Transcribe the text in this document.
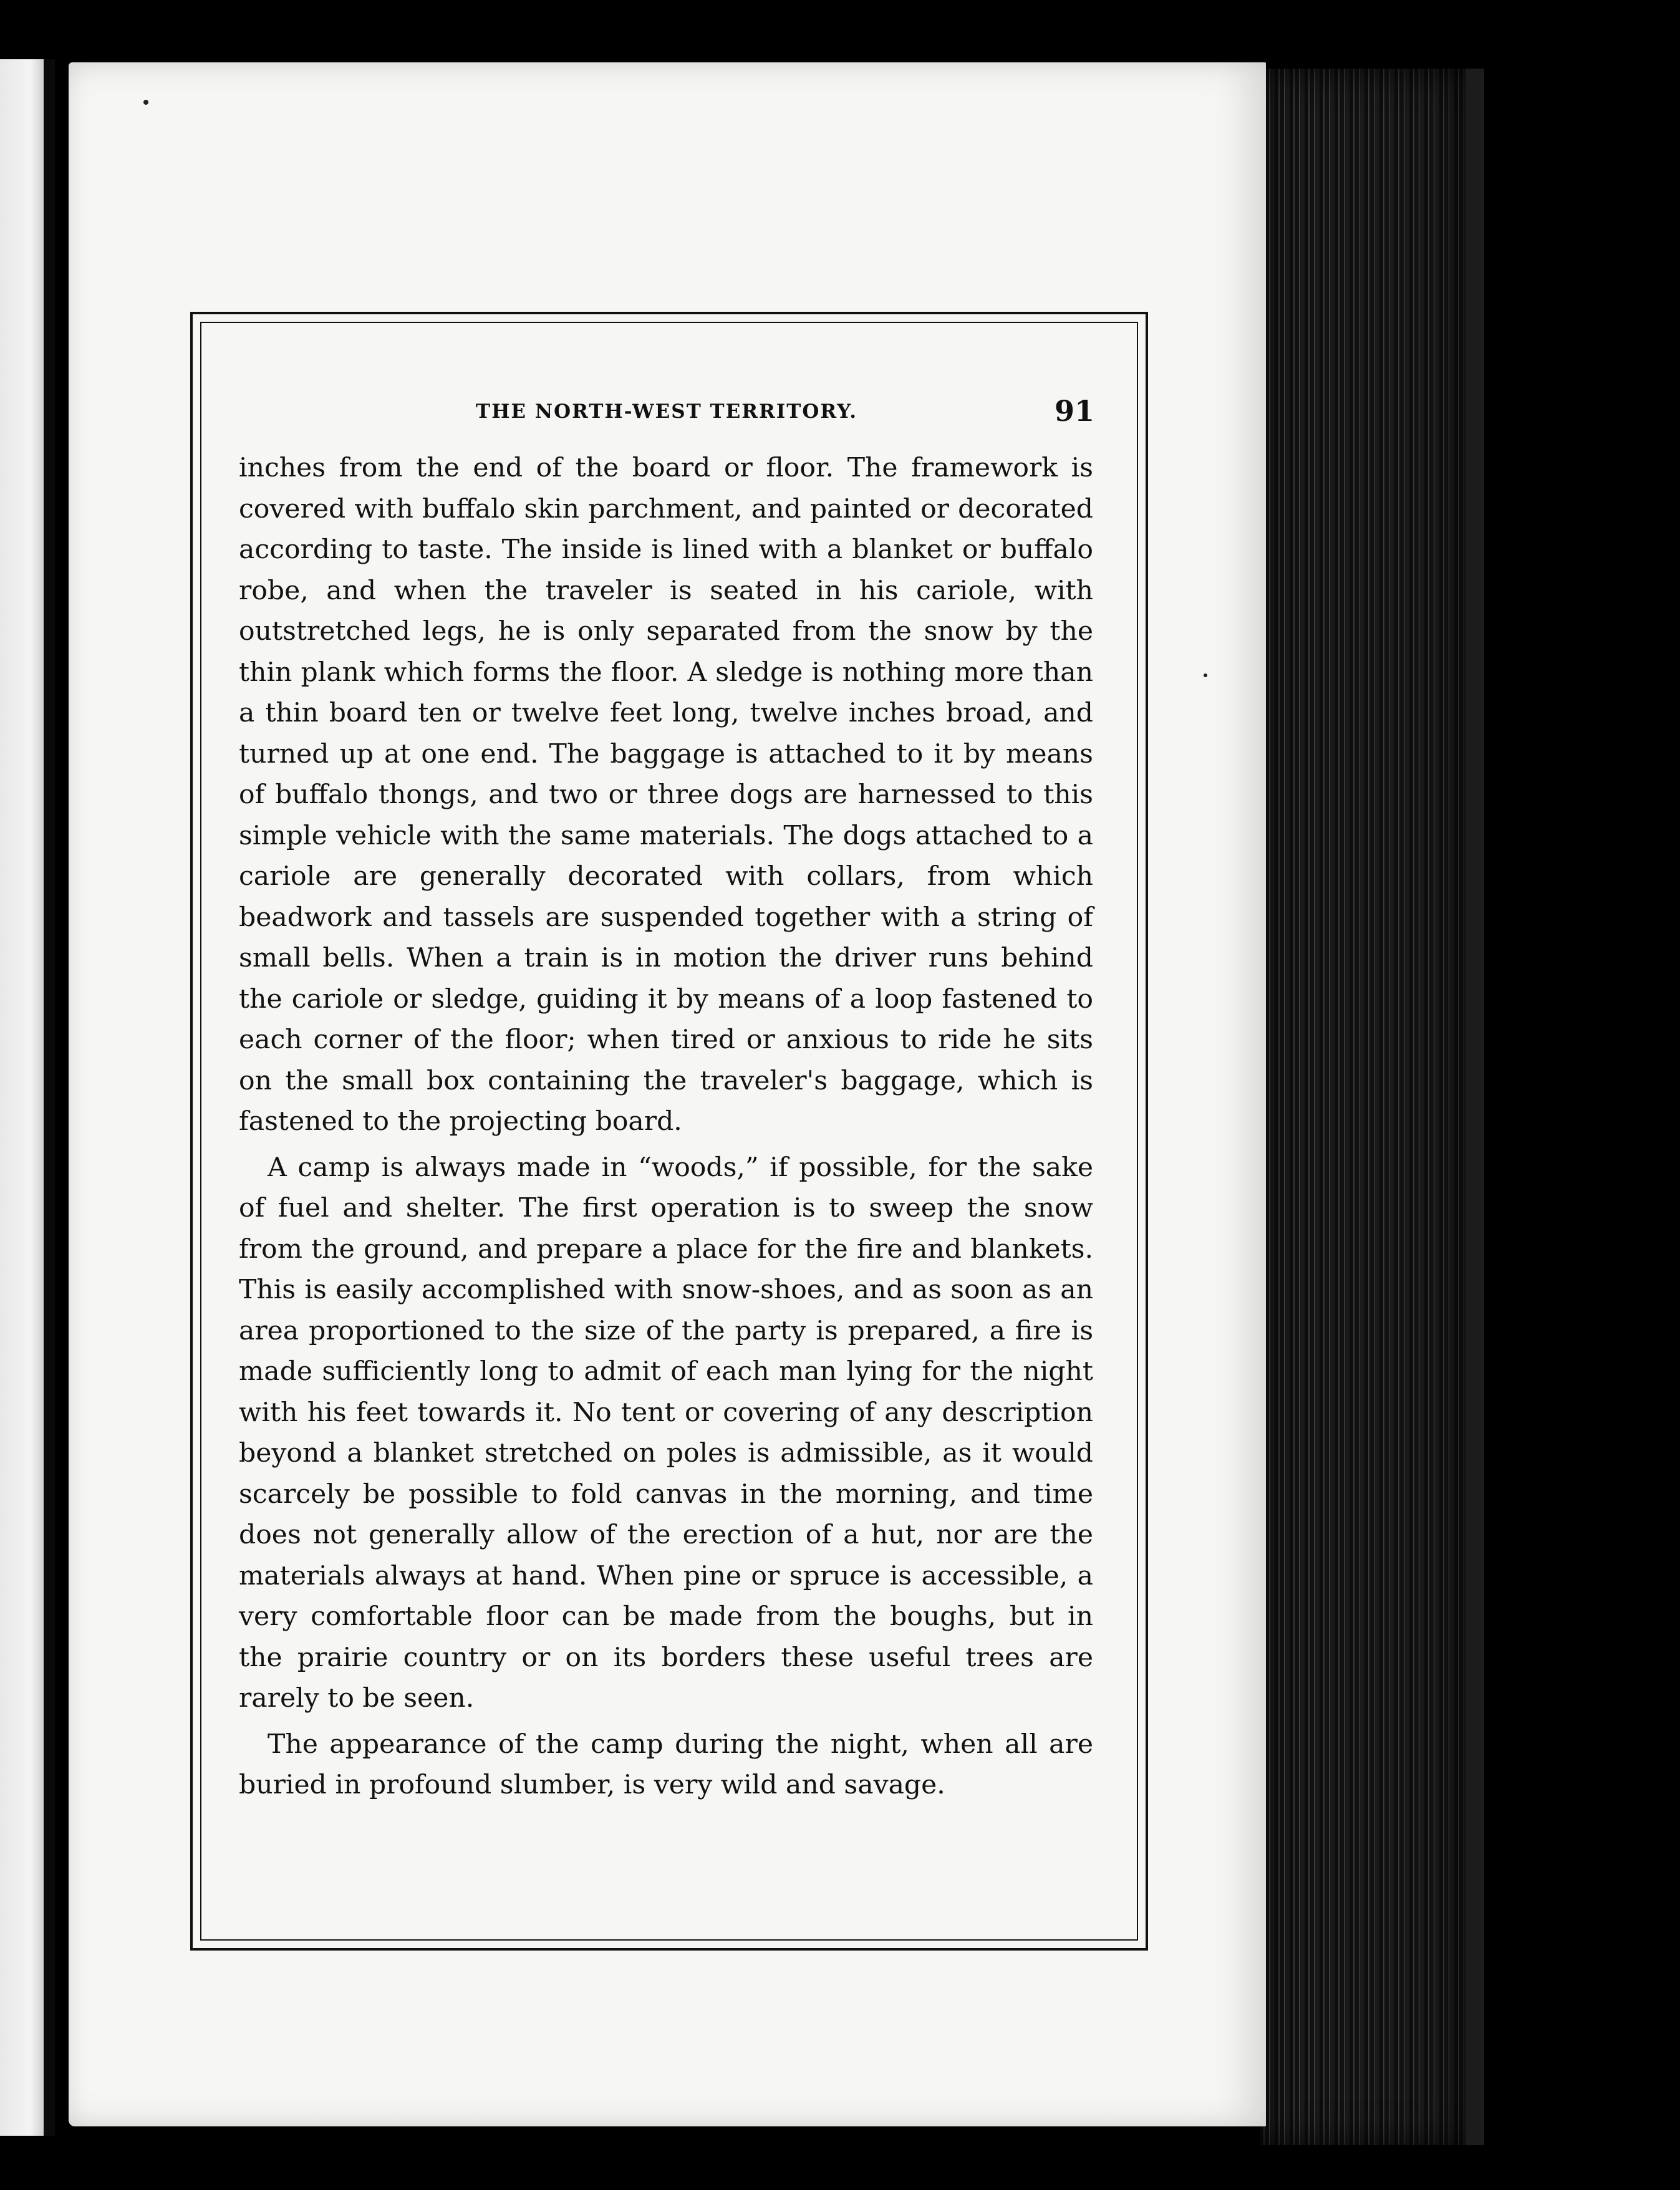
THE NORTH-WEST TERRITORY.	91

inches from the end of the board or floor. The framework is covered with buffalo skin parchment, and painted or decorated according to taste. The inside is lined with a blanket or buffalo robe, and when the traveler is seated in his cariole, with outstretched legs, he is only separated from the snow by the thin plank which forms the floor. A sledge is nothing more than a thin board ten or twelve feet long, twelve inches broad, and turned up at one end. The baggage is attached to it by means of buffalo thongs, and two or three dogs are harnessed to this simple vehicle with the same materials. The dogs attached to a cariole are generally decorated with collars, from which beadwork and tassels are suspended together with a string of small bells. When a train is in motion the driver runs behind the cariole or sledge, guiding it by means of a loop fastened to each corner of the floor; when tired or anxious to ride he sits on the small box containing the traveler's baggage, which is fastened to the projecting board.

A camp is always made in “woods,” if possible, for the sake of fuel and shelter. The first operation is to sweep the snow from the ground, and prepare a place for the fire and blankets. This is easily accomplished with snow-shoes, and as soon as an area proportioned to the size of the party is prepared, a fire is made sufficiently long to admit of each man lying for the night with his feet towards it. No tent or covering of any description beyond a blanket stretched on poles is admissible, as it would scarcely be possible to fold canvas in the morning, and time does not generally allow of the erection of a hut, nor are the materials always at hand. When pine or spruce is accessible, a very comfortable floor can be made from the boughs, but in the prairie country or on its borders these useful trees are rarely to be seen.

The appearance of the camp during the night, when all are buried in profound slumber, is very wild and savage.
